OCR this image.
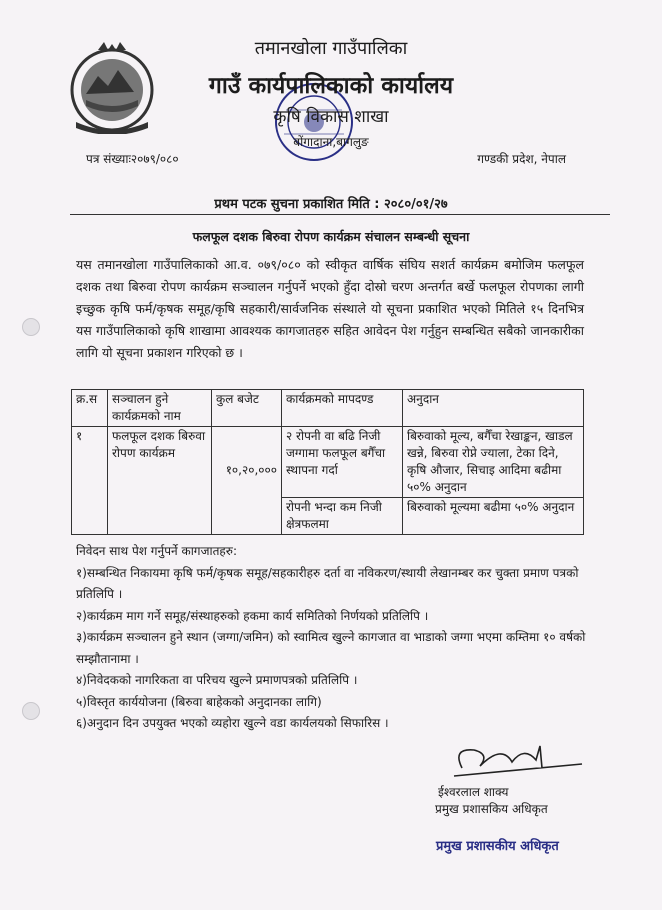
तमानखोला गाउँपालिका
गाउँ कार्यपालिकाको कार्यालय
कृषि विकास शाखा
बोंगादाना,बागलुङ
पत्र संख्याः२०७९/०८०	गण्डकी प्रदेश, नेपाल
प्रथम पटक सुचना प्रकाशित मिति : २०८०/०१/२७
फलफूल दशक बिरुवा रोपण कार्यक्रम संचालन सम्बन्धी सूचना
यस तमानखोला गाउँपालिकाको आ.व. ०७९/०८० को स्वीकृत वार्षिक संघिय सशर्त कार्यक्रम बमोजिम फलफूल दशक तथा बिरुवा रोपण कार्यक्रम सञ्चालन गर्नुपर्ने भएको हुँदा दोस्रो चरण अन्तर्गत बर्खे फलफूल रोपणका लागी इच्छुक कृषि फर्म/कृषक समूह/कृषि सहकारी/सार्वजनिक संस्थाले यो सूचना प्रकाशित भएको मितिले १५ दिनभित्र यस गाउँपालिकाको कृषि शाखामा आवश्यक कागजातहरु सहित आवेदन पेश गर्नुहुन सम्बन्धित सबैको जानकारीका लागि यो सूचना प्रकाशन गरिएको छ ।
क्र.स	सञ्चालन हुने कार्यक्रमको नाम	कुल बजेट	कार्यक्रमको मापदण्ड	अनुदान
१	फलफूल दशक बिरुवा रोपण कार्यक्रम	१०,२०,०००	२ रोपनी वा बढि निजी जग्गामा फलफूल बगैँचा स्थापना गर्दा	बिरुवाको मूल्य, बगैँचा रेखाङ्कन, खाडल खन्ने, बिरुवा रोप्ने ज्याला, टेका दिने, कृषि औजार, सिचाइ आदिमा बढीमा ५०% अनुदान
			रोपनी भन्दा कम निजी क्षेत्रफलमा	बिरुवाको मूल्यमा बढीमा ५०% अनुदान
निवेदन साथ पेश गर्नुपर्ने कागजातहरु:
१)सम्बन्धित निकायमा कृषि फर्म/कृषक समूह/सहकारीहरु दर्ता वा नविकरण/स्थायी लेखानम्बर कर चुक्ता प्रमाण पत्रको प्रतिलिपि ।
२)कार्यक्रम माग गर्ने समूह/संस्थाहरुको हकमा कार्य समितिको निर्णयको प्रतिलिपि ।
३)कार्यक्रम सञ्चालन हुने स्थान (जग्गा/जमिन) को स्वामित्व खुल्ने कागजात वा भाडाको जग्गा भएमा कम्तिमा १० वर्षको सम्झौतानामा ।
४)निवेदकको नागरिकता वा परिचय खुल्ने प्रमाणपत्रको प्रतिलिपि ।
५)विस्तृत कार्ययोजना (बिरुवा बाहेकको अनुदानका लागि)
६)अनुदान दिन उपयुक्त भएको व्यहोरा खुल्ने वडा कार्यलयको सिफारिस ।
ईश्वरलाल शाक्य
प्रमुख प्रशासकिय अधिकृत
प्रमुख प्रशासकीय अधिकृत
